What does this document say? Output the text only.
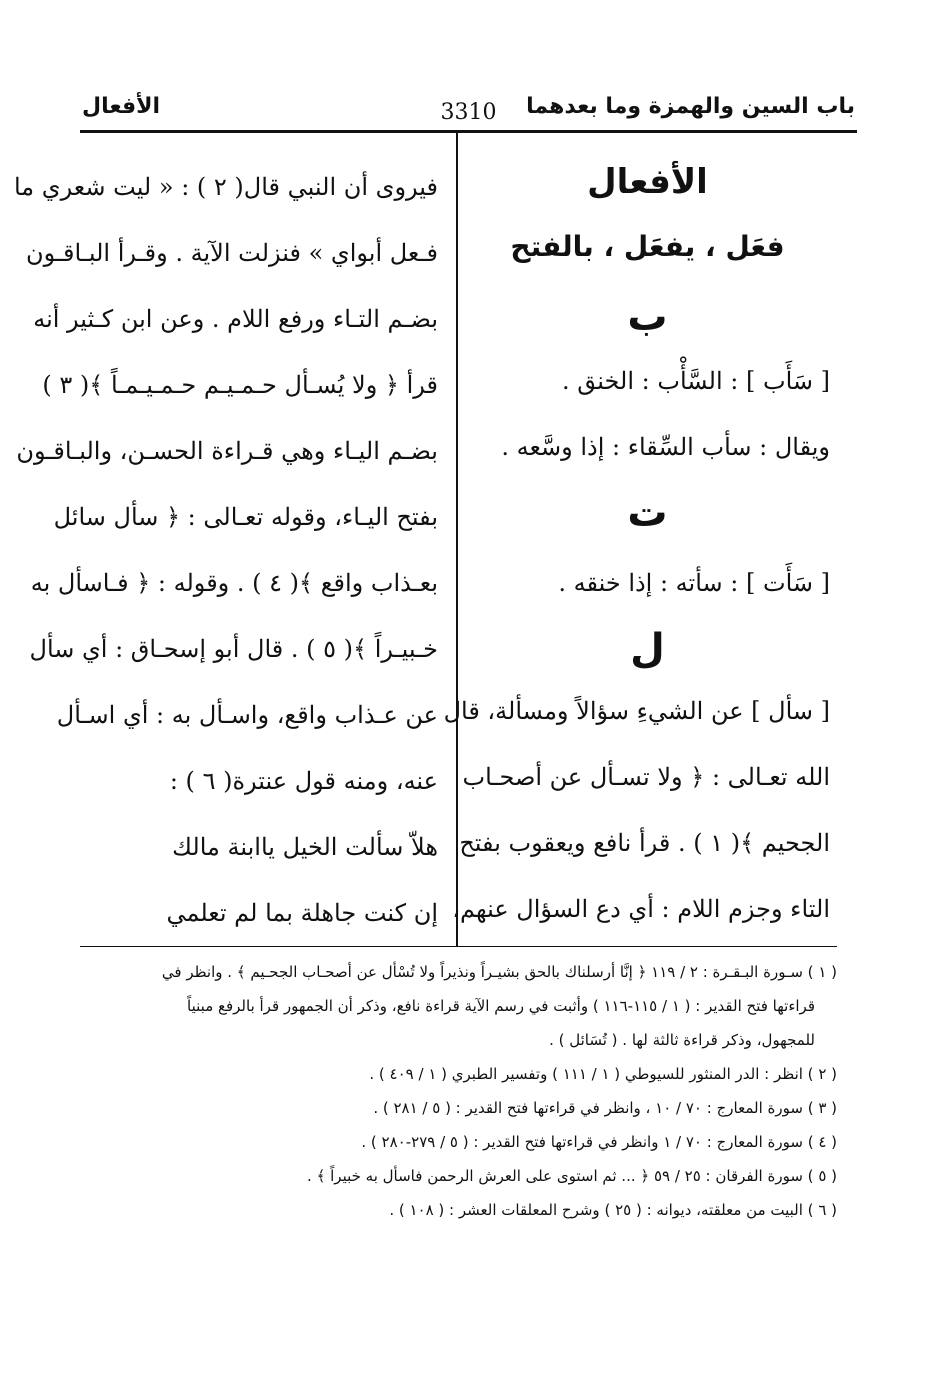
باب السين والهمزة وما بعدهما
3310
الأفعال
الأفعال
فعَل ، يفعَل ، بالفتح
ب
[ سَأَب ] : السَّأْب : الخنق .
ويقال : سأب السِّقاء : إذا وسَّعه .
ت
[ سَأَت ] : سأته : إذا خنقه .
ل
[ سأل ] عن الشيءِ سؤالاً ومسألة، قال
الله تعـالى : ﴿ ولا تسـأل عن أصحـاب
الجحيم ﴾( ١ ) . قرأ نافع ويعقوب بفتح
التاء وجزم اللام : أي دع السؤال عنهم،
فيروى أن النبي قال( ٢ ) : « ليت شعري ما
فـعل أبواي » فنزلت الآية . وقـرأ البـاقـون
بضـم التـاء ورفع اللام . وعن ابن كـثير أنه
قرأ ﴿ ولا يُسـأل حـمـيـم حـمـيـمـاً ﴾( ٣ )
بضـم اليـاء وهي قـراءة الحسـن، والبـاقـون
بفتح اليـاء، وقوله تعـالى : ﴿ سأل سائل
بعـذاب واقع ﴾( ٤ ) . وقوله : ﴿ فـاسأل به
خـبيـراً ﴾( ٥ ) . قال أبو إسحـاق : أي سأل
عن عـذاب واقع، واسـأل به : أي اسـأل
عنه، ومنه قول عنترة( ٦ ) :
هلاّ سألت الخيل ياابنة مالك
إن كنت جاهلة بما لم تعلمي
( ١ ) سـورة البـقـرة : ٢ / ١١٩ ﴿ إنَّا أرسلناك بالحق بشيـراً ونذيراً ولا تُسْأل عن أصحـاب الجحـيم ﴾ . وانظر في
قراءتها فتح القدير : ( ١ / ١١٥-١١٦ ) وأثبت في رسم الآية قراءة نافع، وذكر أن الجمهور قرأ بالرفع مبنياً
للمجهول، وذكر قراءة ثالثة لها . ( تُسَائل ) .
( ٢ ) انظر : الدر المنثور للسيوطي ( ١ / ١١١ ) وتفسير الطبري ( ١ / ٤٠٩ ) .
( ٣ ) سورة المعارج : ٧٠ / ١٠ ، وانظر في قراءتها فتح القدير : ( ٥ / ٢٨١ ) .
( ٤ ) سورة المعارج : ٧٠ / ١ وانظر في قراءتها فتح القدير : ( ٥ / ٢٧٩-٢٨٠ ) .
( ٥ ) سورة الفرقان : ٢٥ / ٥٩ ﴿ ... ثم استوى على العرش الرحمن فاسأل به خبيراً ﴾ .
( ٦ ) البيت من معلقته، ديوانه : ( ٢٥ ) وشرح المعلقات العشر : ( ١٠٨ ) .
